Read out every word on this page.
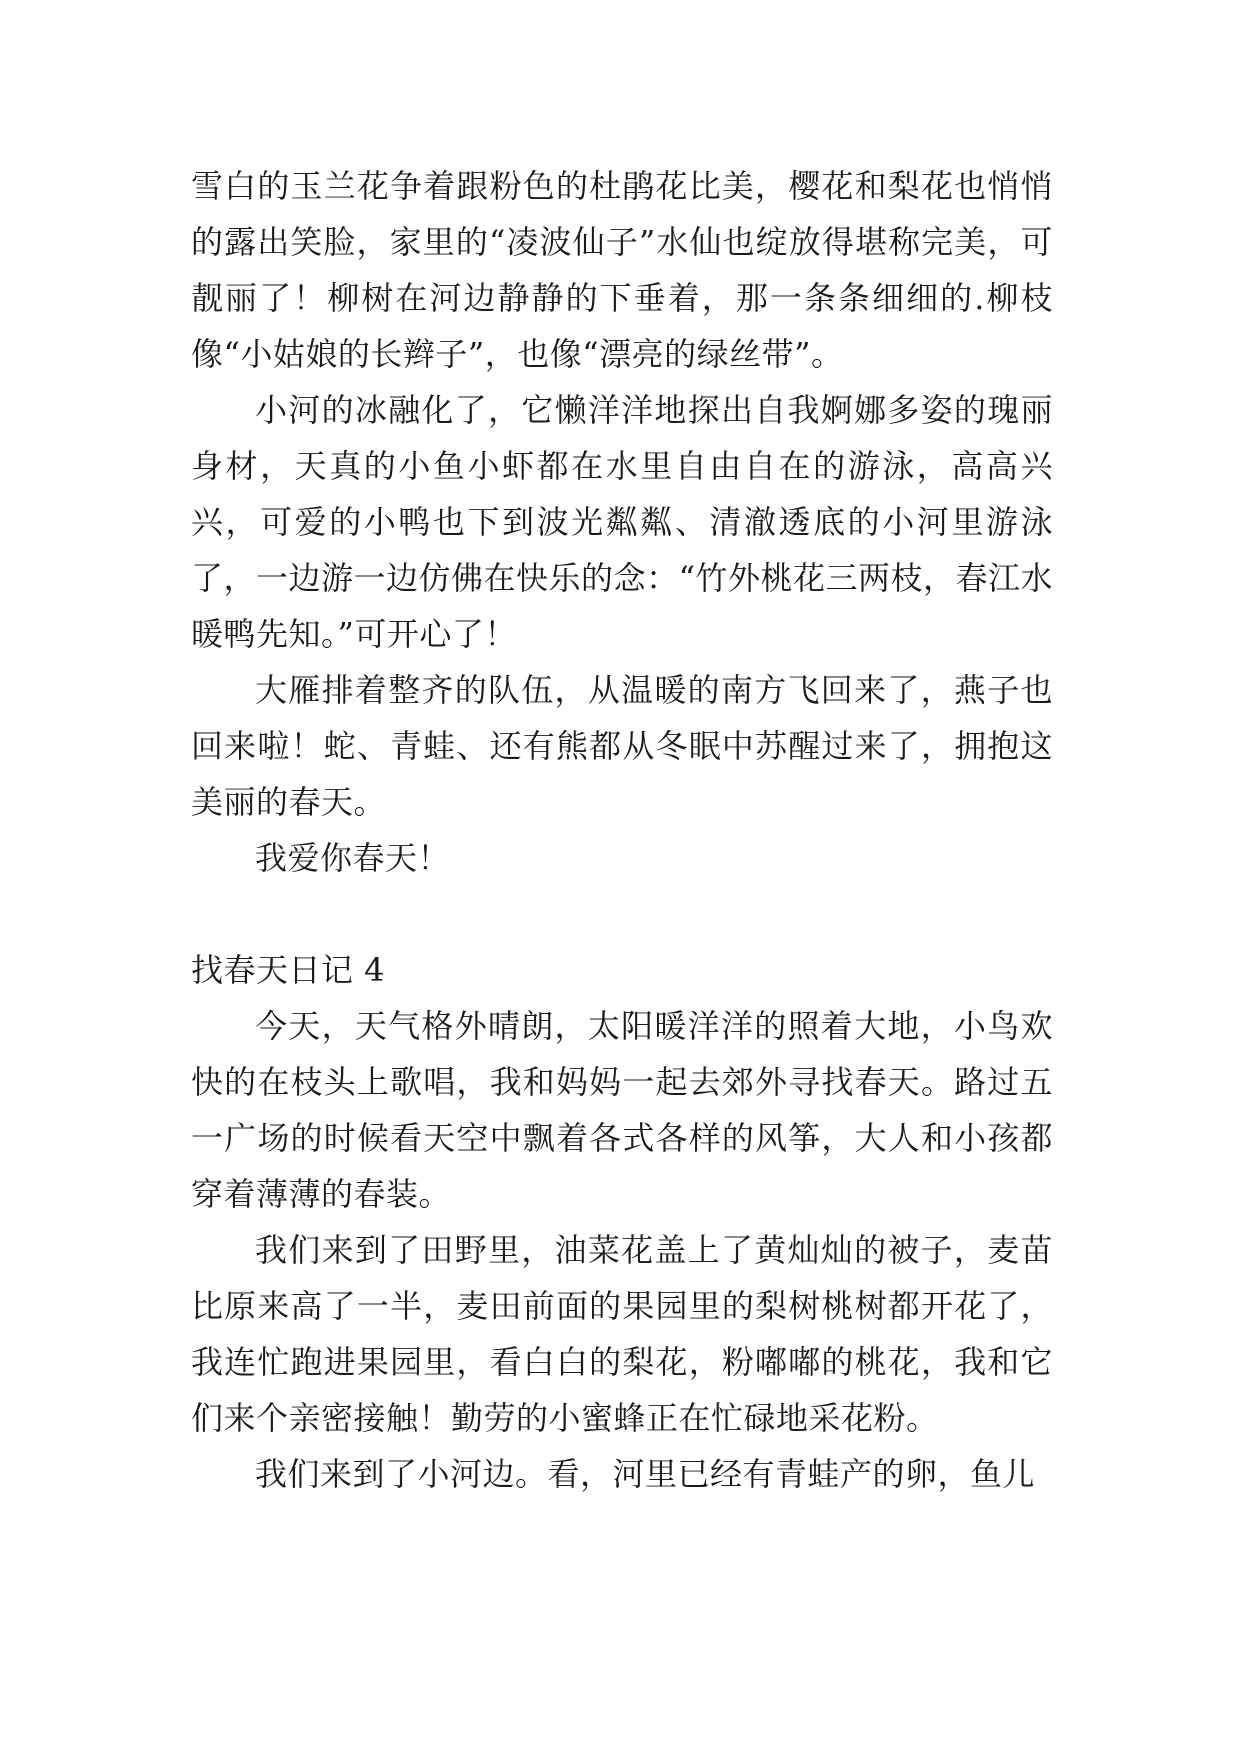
雪白的玉兰花争着跟粉色的杜鹃花比美，樱花和梨花也悄悄的露出笑脸，家里的“凌波仙子”水仙也绽放得堪称完美，可靓丽了！柳树在河边静静的下垂着，那一条条细细的.柳枝像“小姑娘的长辫子”，也像“漂亮的绿丝带”。

小河的冰融化了，它懒洋洋地探出自我婀娜多姿的瑰丽身材，天真的小鱼小虾都在水里自由自在的游泳，高高兴兴，可爱的小鸭也下到波光粼粼、清澈透底的小河里游泳了，一边游一边仿佛在快乐的念：“竹外桃花三两枝，春江水暖鸭先知。”可开心了！

大雁排着整齐的队伍，从温暖的南方飞回来了，燕子也回来啦！蛇、青蛙、还有熊都从冬眠中苏醒过来了，拥抱这美丽的春天。

我爱你春天！

找春天日记 4

今天，天气格外晴朗，太阳暖洋洋的照着大地，小鸟欢快的在枝头上歌唱，我和妈妈一起去郊外寻找春天。路过五一广场的时候看天空中飘着各式各样的风筝，大人和小孩都穿着薄薄的春装。

我们来到了田野里，油菜花盖上了黄灿灿的被子，麦苗比原来高了一半，麦田前面的果园里的梨树桃树都开花了，我连忙跑进果园里，看白白的梨花，粉嘟嘟的桃花，我和它们来个亲密接触！勤劳的小蜜蜂正在忙碌地采花粉。

我们来到了小河边。看，河里已经有青蛙产的卵，鱼儿
